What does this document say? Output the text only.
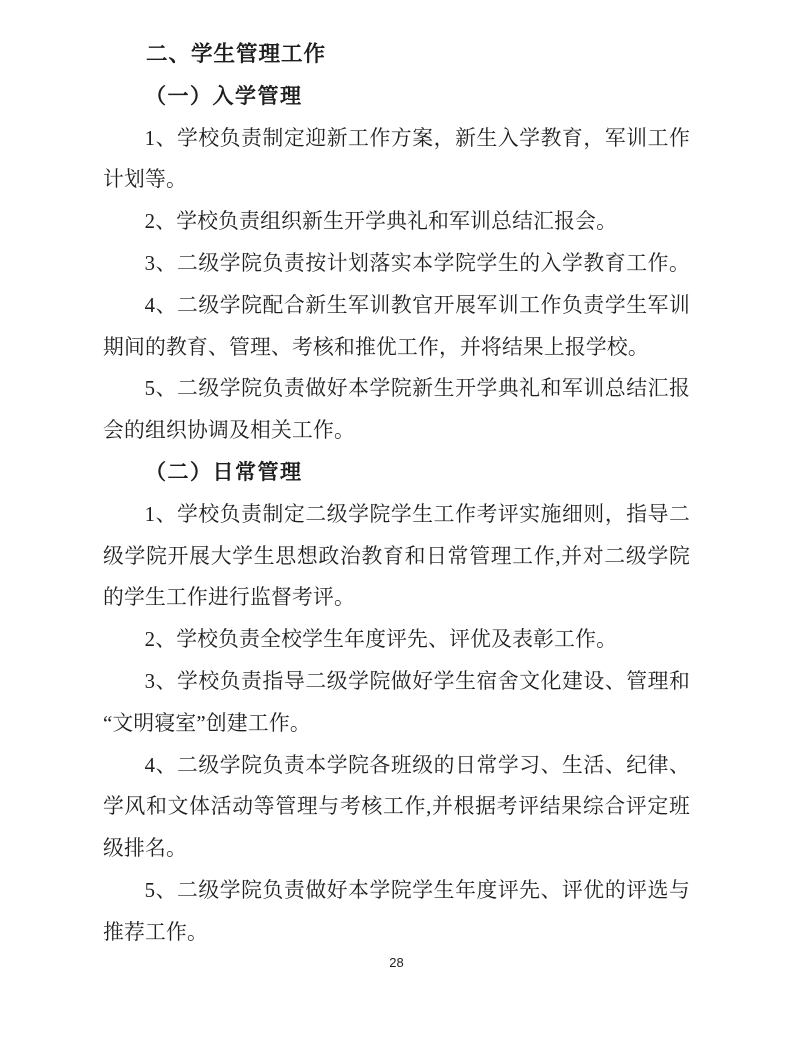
二、学生管理工作
（一）入学管理
1、学校负责制定迎新工作方案，新生入学教育，军训工作
计划等。
2、学校负责组织新生开学典礼和军训总结汇报会。
3、二级学院负责按计划落实本学院学生的入学教育工作。
4、二级学院配合新生军训教官开展军训工作负责学生军训
期间的教育、管理、考核和推优工作，并将结果上报学校。
5、二级学院负责做好本学院新生开学典礼和军训总结汇报
会的组织协调及相关工作。
（二）日常管理
1、学校负责制定二级学院学生工作考评实施细则，指导二
级学院开展大学生思想政治教育和日常管理工作,并对二级学院
的学生工作进行监督考评。
2、学校负责全校学生年度评先、评优及表彰工作。
3、学校负责指导二级学院做好学生宿舍文化建设、管理和
“文明寝室”创建工作。
4、二级学院负责本学院各班级的日常学习、生活、纪律、
学风和文体活动等管理与考核工作,并根据考评结果综合评定班
级排名。
5、二级学院负责做好本学院学生年度评先、评优的评选与
推荐工作。
28
